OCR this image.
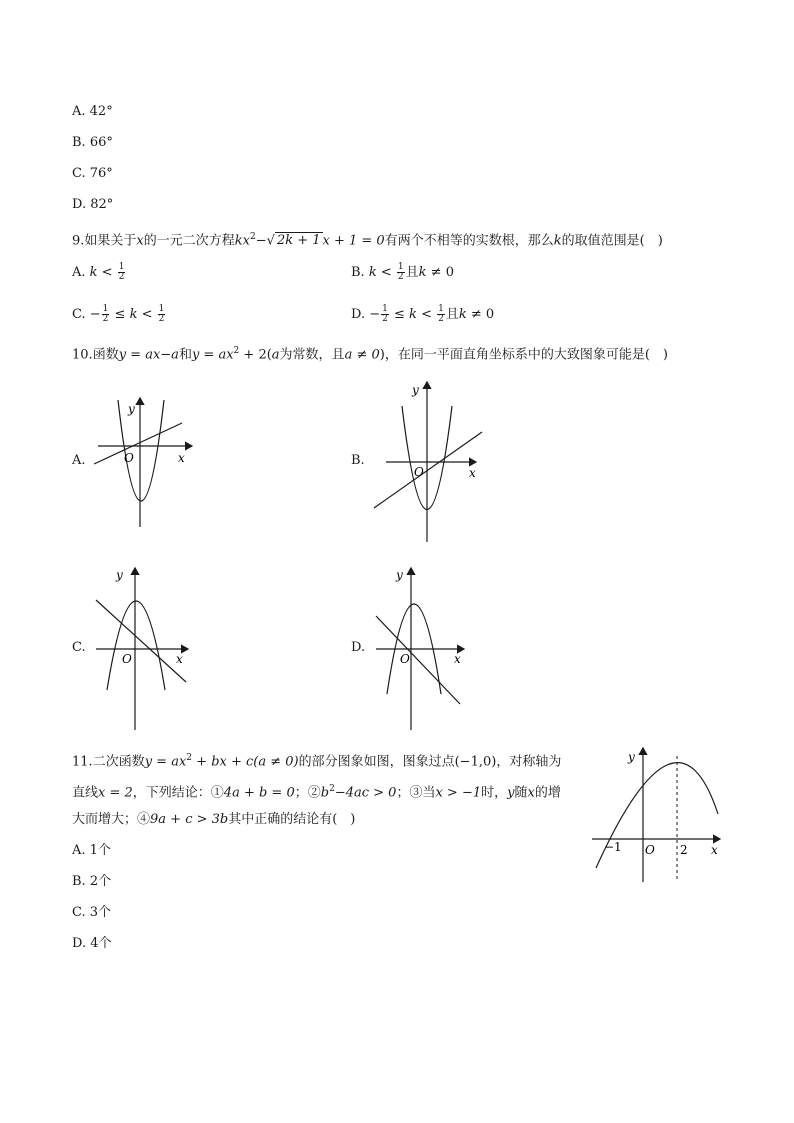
A. 42°
B. 66°
C. 76°
D. 82°
9.如果关于x的一元二次方程$kx^2-√$ 2k + 1 x + 1 = 0有两个不相等的实数根，那么k的取值范围是(　)
A. $k < \frac{1}{2}$	B. $k < \frac{1}{2}$ 且k ≠ 0
C. − $\frac{1}{2} \le k < \frac{1}{2}$	D. − $\frac{1}{2} \le k < \frac{1}{2}$ 且k ≠ 0
10.函数y = ax−a和$y = ax^2 + 2(a$为常数，且a ≠ 0)，在同一平面直角坐标系中的大致图象可能是(　)
A.	B.
C.	D.
y
x
O
y
x
O
y
x
O
y
x
O
11.二次函数$y = ax^2$ + bx + c(a ≠ 0)的部分图象如图，图象过点(−1,0)，对称轴为
直线x = 2，下列结论：①4a + b = 0；$②b^2-4ac > 0$；③当x > −1时，y随x的增
大而增大；④9a + c > 3b其中正确的结论有(　)
A. 1个
B. 2个
C. 3个
D. 4个
y
x
O
−1	2
